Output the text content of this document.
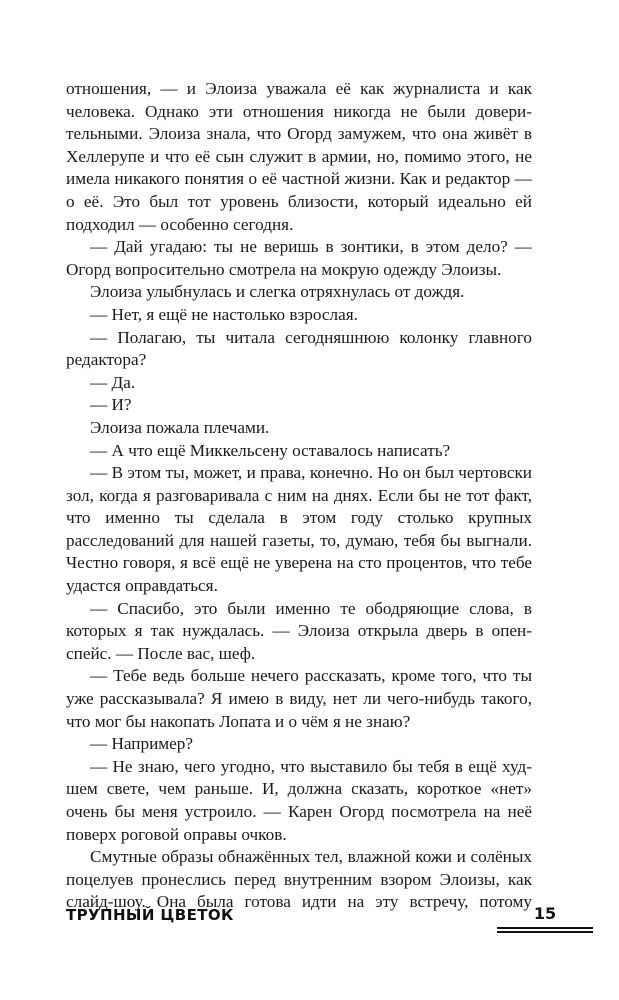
отношения, — и Элоиза уважала её как журналиста и как человека. Однако эти отношения никогда не были доверительными. Элоиза знала, что Огорд замужем, что она живёт в Хеллерупе и что её сын служит в армии, но, помимо этого, не имела никакого понятия о её частной жизни. Как и редактор — о её. Это был тот уровень близости, который идеально ей подходил — особенно сегодня.

— Дай угадаю: ты не веришь в зонтики, в этом дело? — Огорд вопросительно смотрела на мокрую одежду Элоизы.

Элоиза улыбнулась и слегка отряхнулась от дождя.

— Нет, я ещё не настолько взрослая.

— Полагаю, ты читала сегодняшнюю колонку главного редактора?

— Да.

— И?

Элоиза пожала плечами.

— А что ещё Миккельсену оставалось написать?

— В этом ты, может, и права, конечно. Но он был чертовски зол, когда я разговаривала с ним на днях. Если бы не тот факт, что именно ты сделала в этом году столько крупных расследований для нашей газеты, то, думаю, тебя бы выгнали. Честно говоря, я всё ещё не уверена на сто процентов, что тебе удастся оправдаться.

— Спасибо, это были именно те ободряющие слова, в которых я так нуждалась. — Элоиза открыла дверь в опенспейс. — После вас, шеф.

— Тебе ведь больше нечего рассказать, кроме того, что ты уже рассказывала? Я имею в виду, нет ли чего-нибудь такого, что мог бы накопать Лопата и о чём я не знаю?

— Например?

— Не знаю, чего угодно, что выставило бы тебя в ещё худшем свете, чем раньше. И, должна сказать, короткое «нет» очень бы меня устроило. — Карен Огорд посмотрела на неё поверх роговой оправы очков.

Смутные образы обнажённых тел, влажной кожи и солёных поцелуев пронеслись перед внутренним взором Элоизы, как слайд-шоу. Она была готова идти на эту встречу, потому

ТРУПНЫЙ ЦВЕТОК	15
